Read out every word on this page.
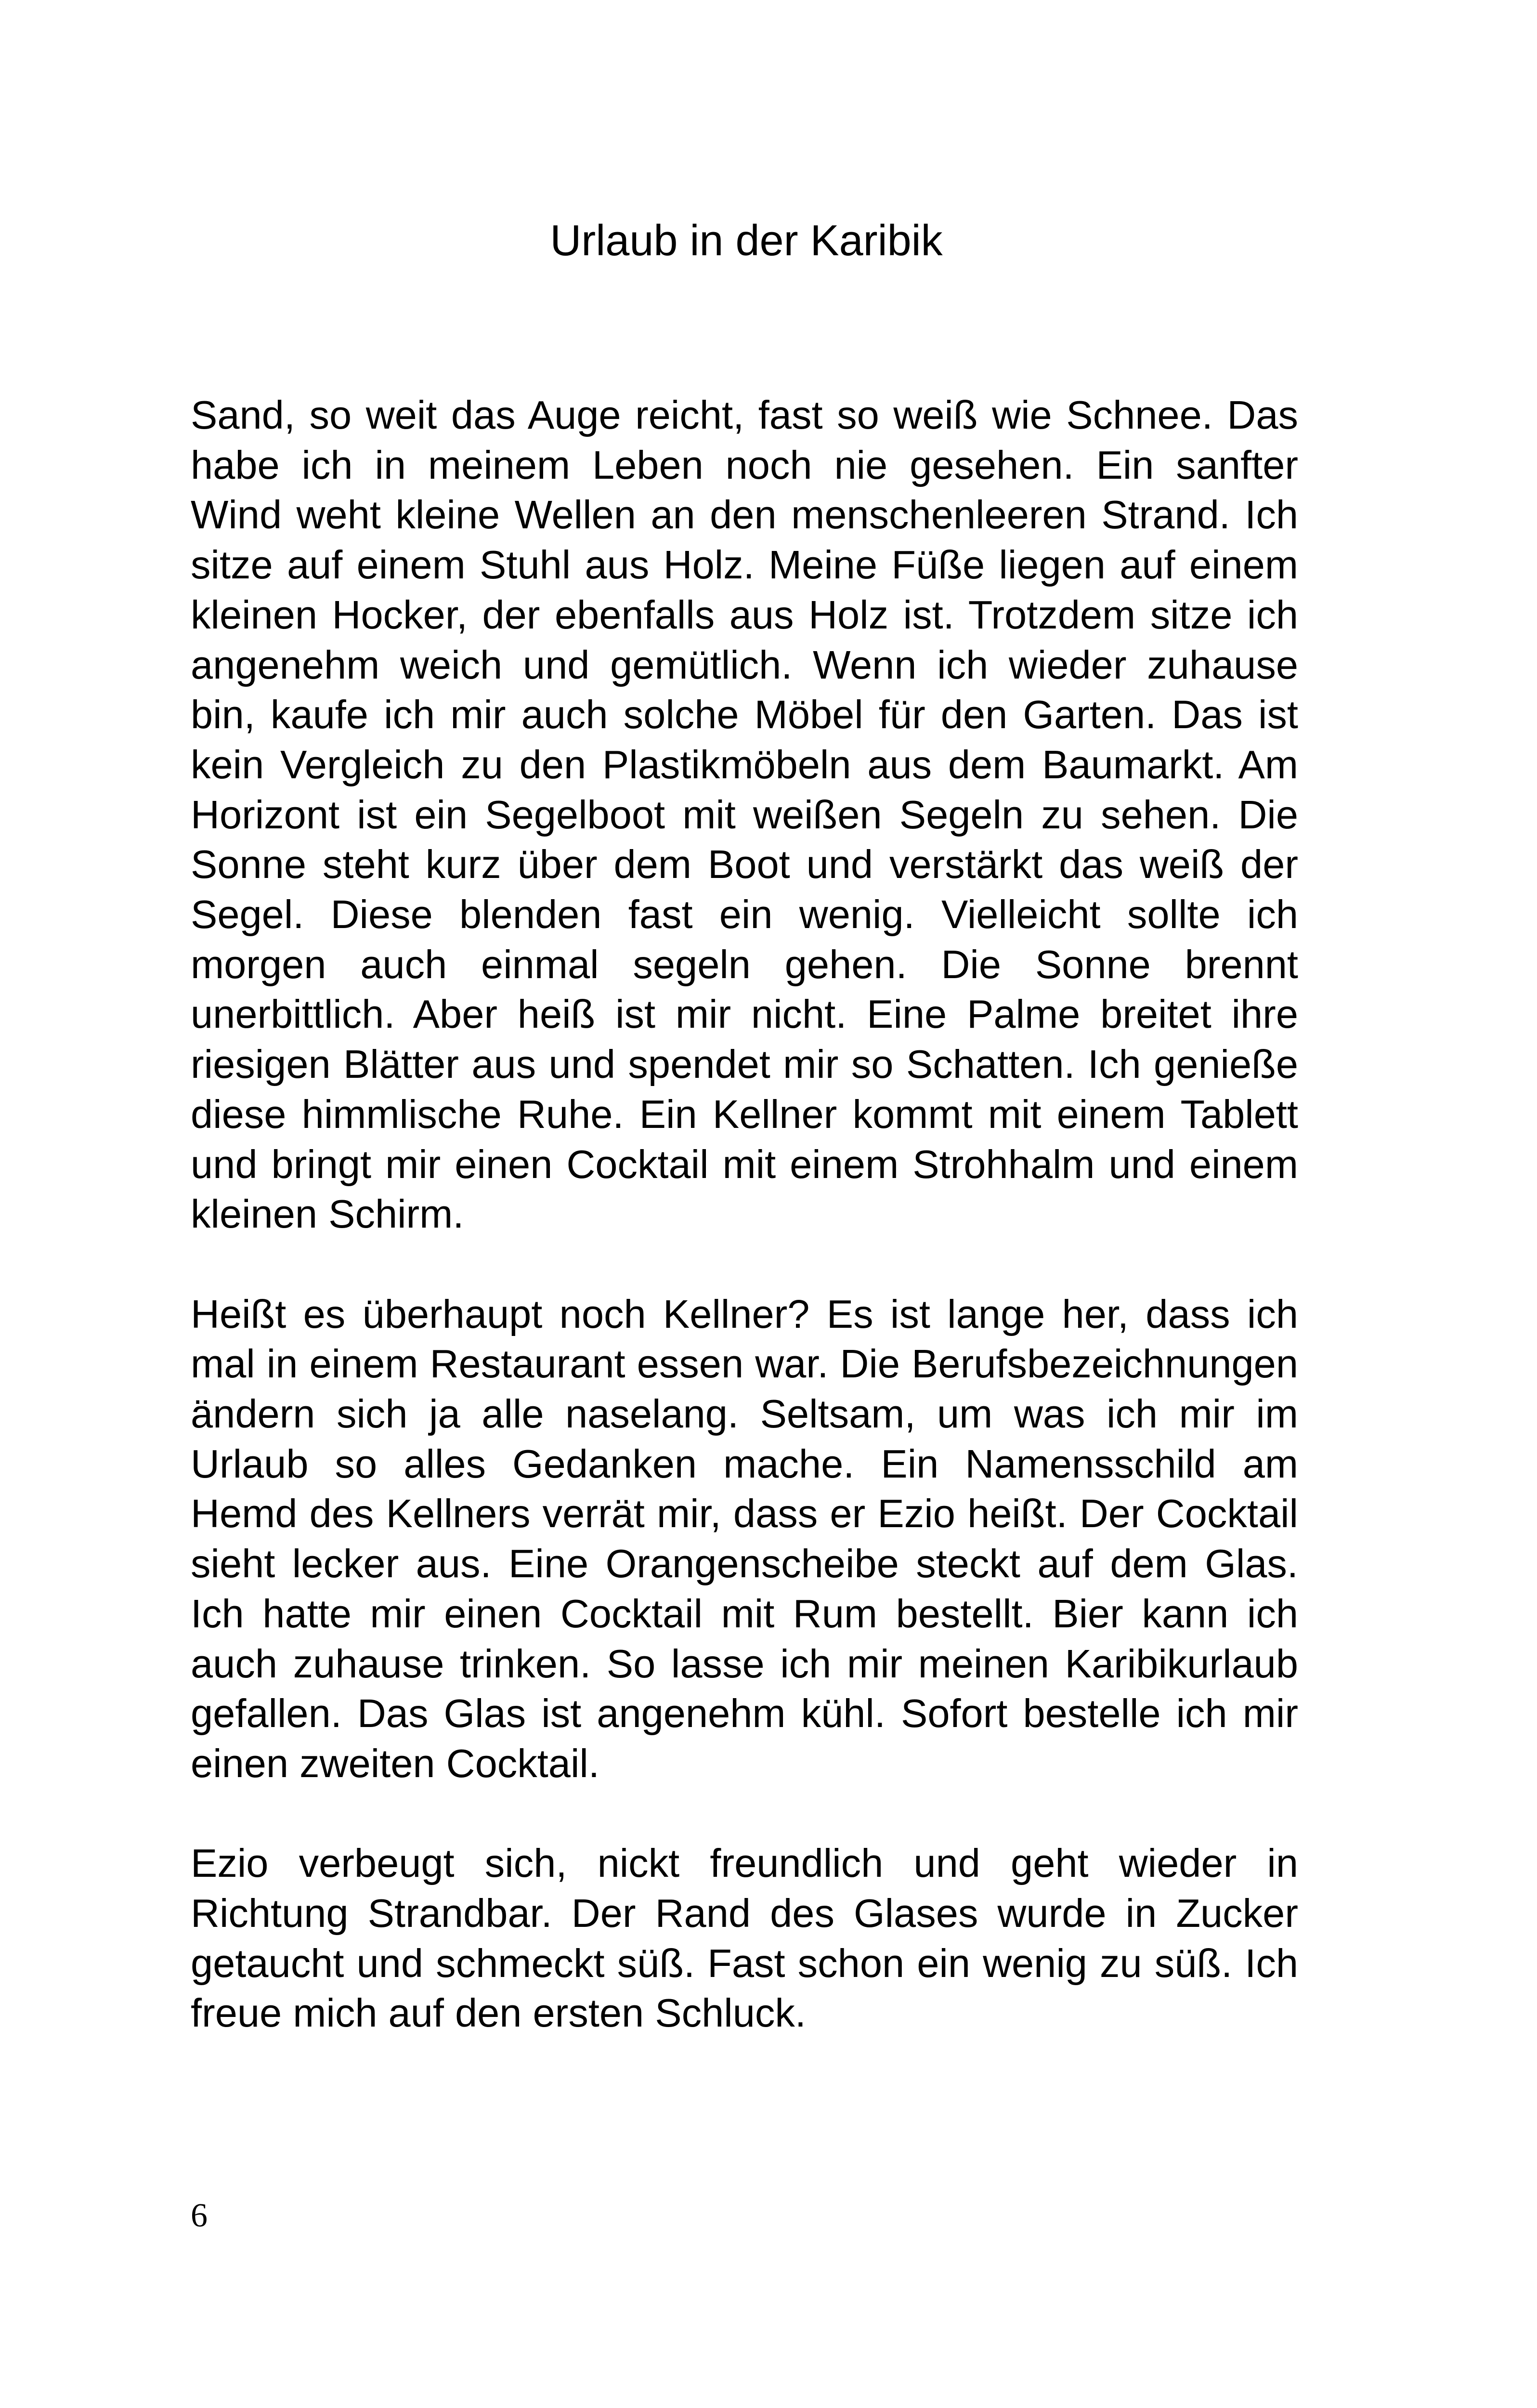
Urlaub in der Karibik

Sand, so weit das Auge reicht, fast so weiß wie Schnee. Das habe ich in meinem Leben noch nie gesehen. Ein sanfter Wind weht kleine Wellen an den menschenleeren Strand. Ich sitze auf einem Stuhl aus Holz. Meine Füße liegen auf einem kleinen Hocker, der ebenfalls aus Holz ist. Trotzdem sitze ich angenehm weich und gemütlich. Wenn ich wieder zuhause bin, kaufe ich mir auch solche Möbel für den Garten. Das ist kein Vergleich zu den Plastikmöbeln aus dem Baumarkt. Am Horizont ist ein Segelboot mit weißen Segeln zu sehen. Die Sonne steht kurz über dem Boot und verstärkt das weiß der Segel. Diese blenden fast ein wenig. Vielleicht sollte ich morgen auch einmal segeln gehen. Die Sonne brennt unerbittlich. Aber heiß ist mir nicht. Eine Palme breitet ihre riesigen Blätter aus und spendet mir so Schatten. Ich genieße diese himmlische Ruhe. Ein Kellner kommt mit einem Tablett und bringt mir einen Cocktail mit einem Strohhalm und einem kleinen Schirm.

Heißt es überhaupt noch Kellner? Es ist lange her, dass ich mal in einem Restaurant essen war. Die Berufsbezeichnungen ändern sich ja alle naselang. Seltsam, um was ich mir im Urlaub so alles Gedanken mache. Ein Namensschild am Hemd des Kellners verrät mir, dass er Ezio heißt. Der Cocktail sieht lecker aus. Eine Orangenscheibe steckt auf dem Glas. Ich hatte mir einen Cocktail mit Rum bestellt. Bier kann ich auch zuhause trinken. So lasse ich mir meinen Karibikurlaub gefallen. Das Glas ist angenehm kühl. Sofort bestelle ich mir einen zweiten Cocktail.

Ezio verbeugt sich, nickt freundlich und geht wieder in Richtung Strandbar. Der Rand des Glases wurde in Zucker getaucht und schmeckt süß. Fast schon ein wenig zu süß. Ich freue mich auf den ersten Schluck.

6
